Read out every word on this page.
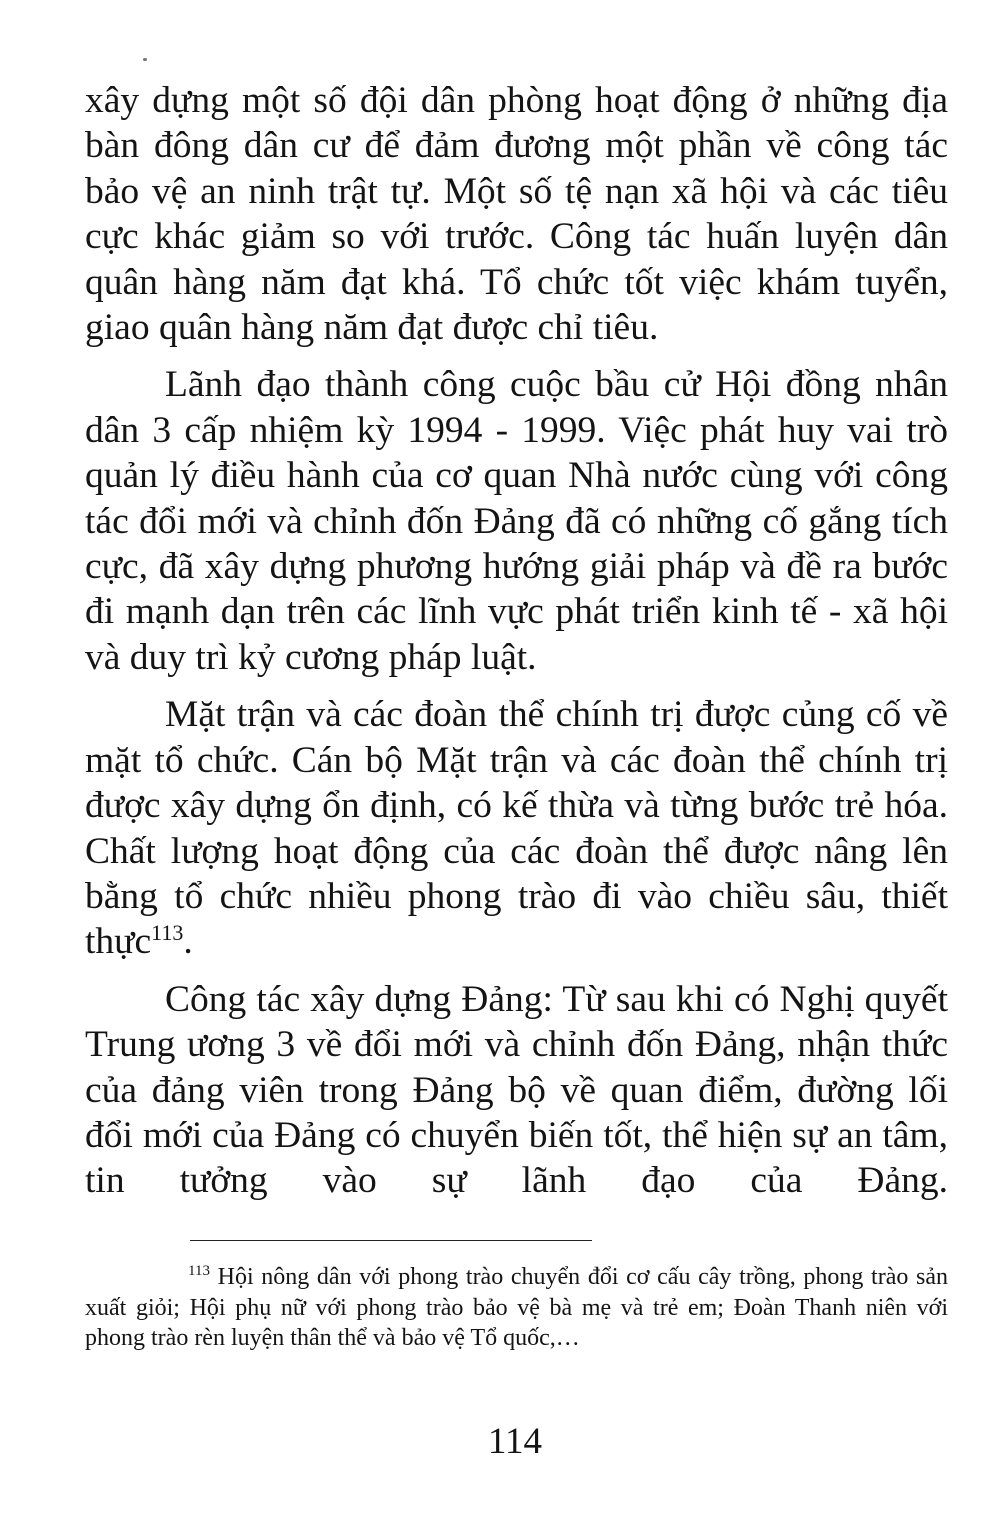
xây dựng một số đội dân phòng hoạt động ở những địa bàn đông dân cư để đảm đương một phần về công tác bảo vệ an ninh trật tự. Một số tệ nạn xã hội và các tiêu cực khác giảm so với trước. Công tác huấn luyện dân quân hàng năm đạt khá. Tổ chức tốt việc khám tuyển, giao quân hàng năm đạt được chỉ tiêu.

Lãnh đạo thành công cuộc bầu cử Hội đồng nhân dân 3 cấp nhiệm kỳ 1994 - 1999. Việc phát huy vai trò quản lý điều hành của cơ quan Nhà nước cùng với công tác đổi mới và chỉnh đốn Đảng đã có những cố gắng tích cực, đã xây dựng phương hướng giải pháp và đề ra bước đi mạnh dạn trên các lĩnh vực phát triển kinh tế - xã hội và duy trì kỷ cương pháp luật.

Mặt trận và các đoàn thể chính trị được củng cố về mặt tổ chức. Cán bộ Mặt trận và các đoàn thể chính trị được xây dựng ổn định, có kế thừa và từng bước trẻ hóa. Chất lượng hoạt động của các đoàn thể được nâng lên bằng tổ chức nhiều phong trào đi vào chiều sâu, thiết thực$^{113}$.

Công tác xây dựng Đảng: Từ sau khi có Nghị quyết Trung ương 3 về đổi mới và chỉnh đốn Đảng, nhận thức của đảng viên trong Đảng bộ về quan điểm, đường lối đổi mới của Đảng có chuyển biến tốt, thể hiện sự an tâm, tin tưởng vào sự lãnh đạo của Đảng.

$^{113}$ Hội nông dân với phong trào chuyển đổi cơ cấu cây trồng, phong trào sản xuất giỏi; Hội phụ nữ với phong trào bảo vệ bà mẹ và trẻ em; Đoàn Thanh niên với phong trào rèn luyện thân thể và bảo vệ Tổ quốc,…

114
